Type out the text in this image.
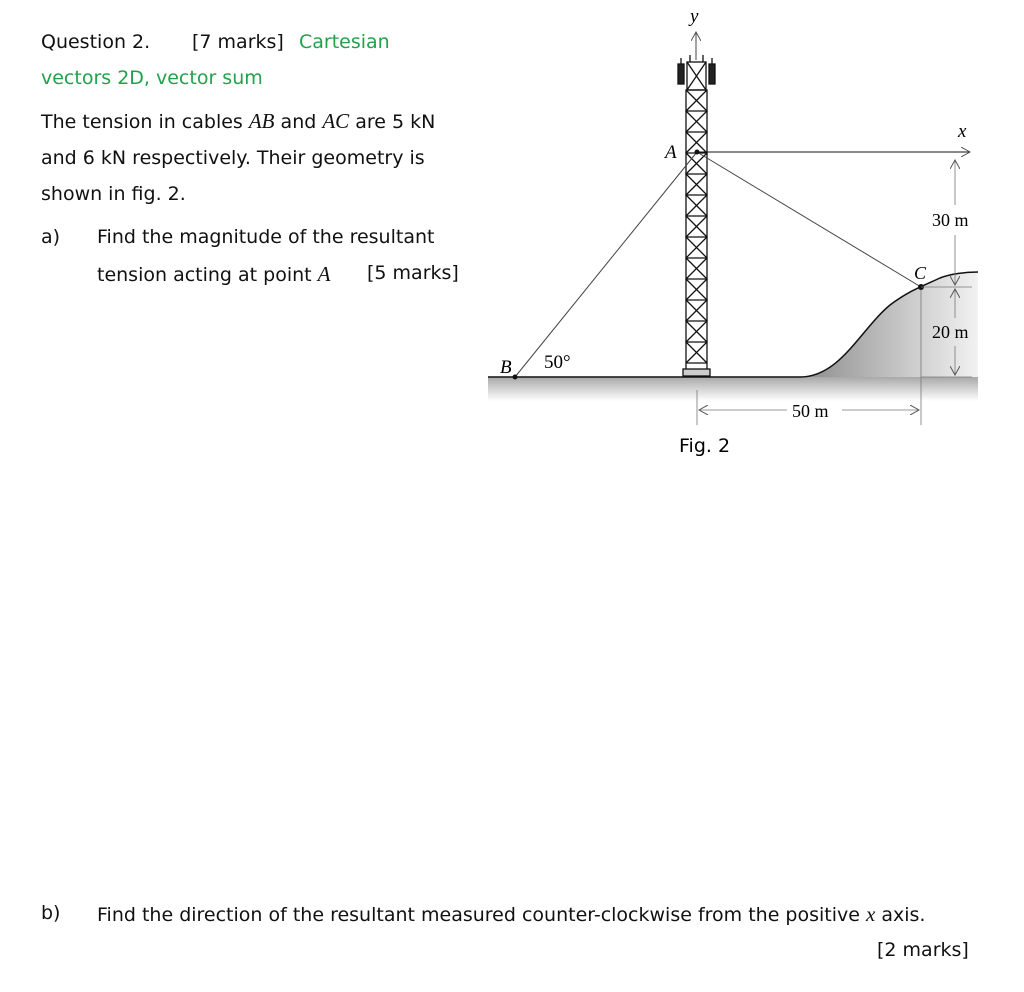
Question 2. [7 marks] Cartesian
vectors 2D, vector sum
The tension in cables AB and AC are 5 kN
and 6 kN respectively. Their geometry is
shown in fig. 2.
a) Find the magnitude of the resultant
tension acting at point A [5 marks]
y
x
A
B
C
50°
30 m
20 m
50 m
Fig. 2
b) Find the direction of the resultant measured counter-clockwise from the positive x axis.
[2 marks]
